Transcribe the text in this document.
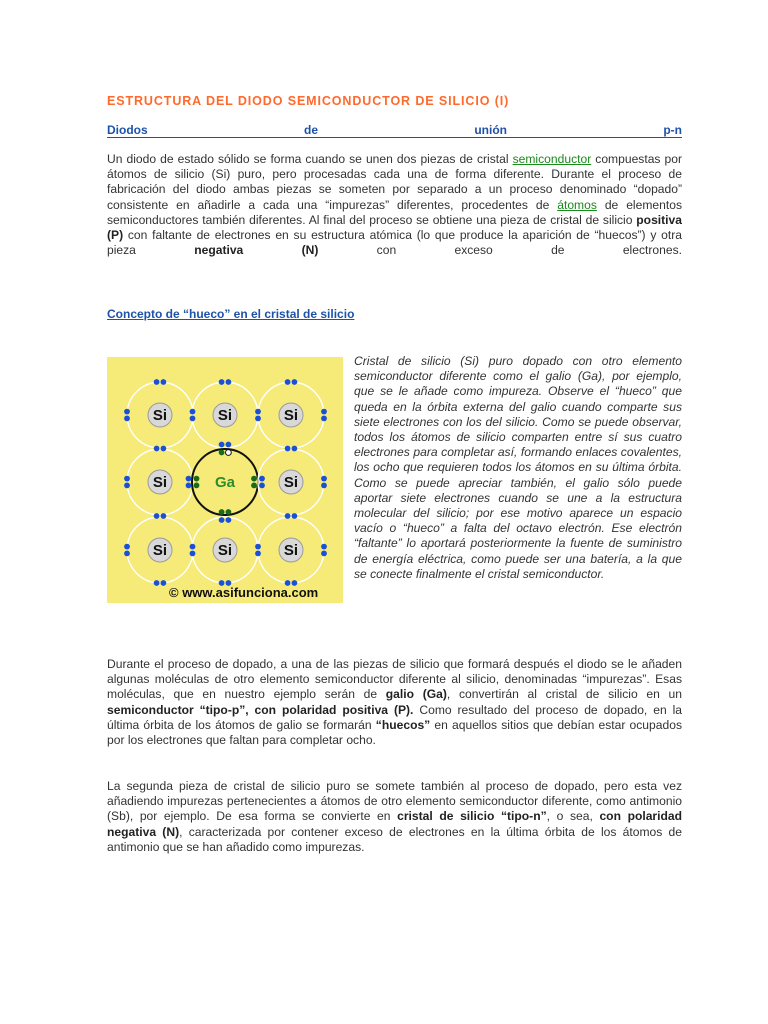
ESTRUCTURA DEL DIODO SEMICONDUCTOR DE SILICIO (I)
Diodos	de	unión	p-n

Un diodo de estado sólido se forma cuando se unen dos piezas de cristal semiconductor compuestas por átomos de silicio (Si) puro, pero procesadas cada una de forma diferente. Durante el proceso de fabricación del diodo ambas piezas se someten por separado a un proceso denominado “dopado” consistente en añadirle a cada una “impurezas” diferentes, procedentes de átomos de elementos semiconductores también diferentes. Al final del proceso se obtiene una pieza de cristal de silicio positiva (P) con faltante de electrones en su estructura atómica (lo que produce la aparición de “huecos”) y otra pieza negativa (N) con exceso de electrones.

Concepto de “hueco” en el cristal de silicio
Si	Si	Si
Si	Ga	Si
Si	Si	Si
© www.asifunciona.com

Cristal de silicio (Si) puro dopado con otro elemento semiconductor diferente como el galio (Ga), por ejemplo, que se le añade como impureza. Observe el “hueco” que queda en la órbita externa del galio cuando comparte sus siete electrones con los del silicio. Como se puede observar, todos los átomos de silicio comparten entre sí sus cuatro electrones para completar así, formando enlaces covalentes, los ocho que requieren todos los átomos en su última órbita. Como se puede apreciar también, el galio sólo puede aportar siete electrones cuando se une a la estructura molecular del silicio; por ese motivo aparece un espacio vacío o “hueco” a falta del octavo electrón. Ese electrón “faltante” lo aportará posteriormente la fuente de suministro de energía eléctrica, como puede ser una batería, a la que se conecte finalmente el cristal semiconductor.

Durante el proceso de dopado, a una de las piezas de silicio que formará después el diodo se le añaden algunas moléculas de otro elemento semiconductor diferente al silicio, denominadas “impurezas”. Esas moléculas, que en nuestro ejemplo serán de galio (Ga), convertirán al cristal de silicio en un semiconductor “tipo-p”, con polaridad positiva (P). Como resultado del proceso de dopado, en la última órbita de los átomos de galio se formarán “huecos” en aquellos sitios que debían estar ocupados por los electrones que faltan para completar ocho.

La segunda pieza de cristal de silicio puro se somete también al proceso de dopado, pero esta vez añadiendo impurezas pertenecientes a átomos de otro elemento semiconductor diferente, como antimonio (Sb), por ejemplo. De esa forma se convierte en cristal de silicio “tipo-n”, o sea, con polaridad negativa (N), caracterizada por contener exceso de electrones en la última órbita de los átomos de antimonio que se han añadido como impurezas.
